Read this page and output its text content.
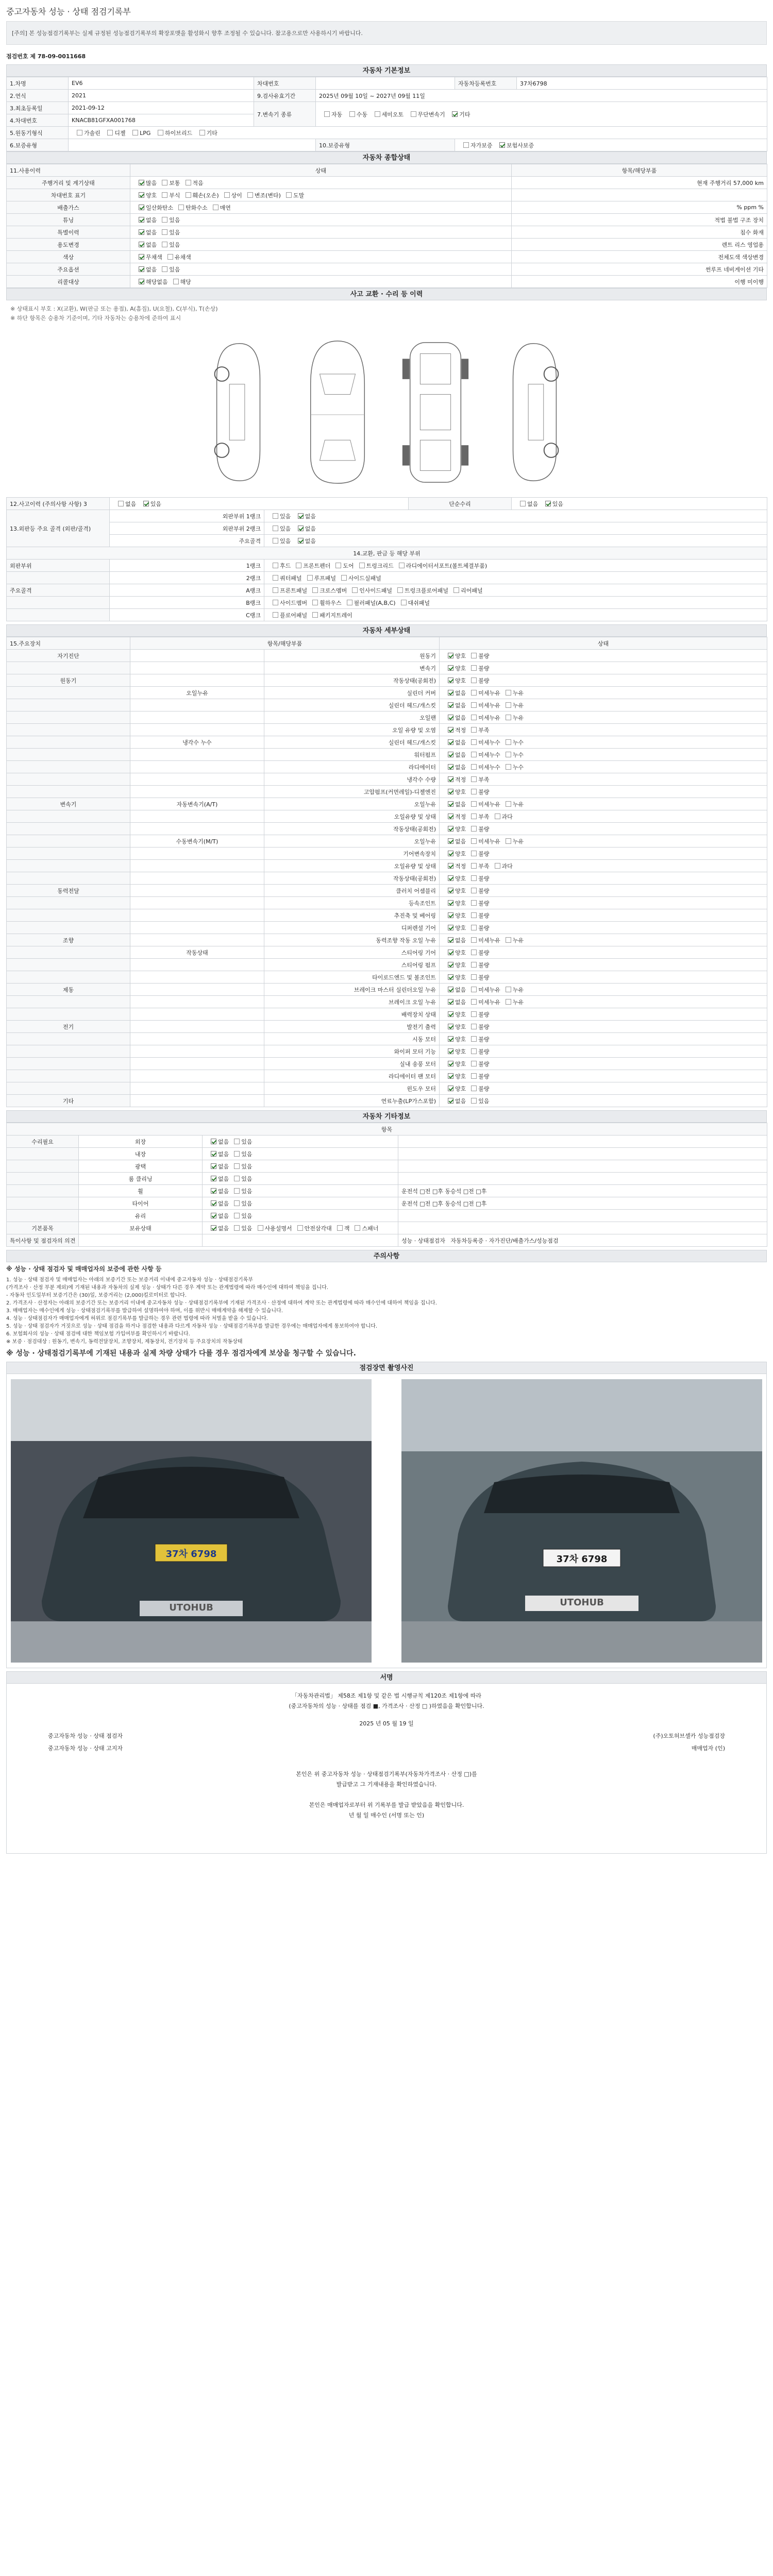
중고자동차 성능 · 상태 점검기록부
[주의] 본 성능점검기록부는 실제 규정된 성능점검기록부의 확장포맷을 활성화시 향후 조정될 수 있습니다. 참고용으로만 사용하시기 바랍니다.
점검번호 제 78-09-0011668
자동차 기본정보
1.차명	EV6	차대번호		자동차등록번호	37차6798
2.연식	2021	9.검사유효기간	2025년 09월 10일 ~ 2027년 09월 11일		
3.최초등록일	2021-09-12	7.변속기 종류	자동 수동 세미오토 무단변속기 기타		
4.차대번호	KNACB81GFXA001768				
5.원동기형식	가솔린 디젤 LPG 하이브리드 기타				
6.보증유형			10.보증유형	자가보증 보험사보증	
자동차 종합상태
11.사용이력	상태	항목/해당부품
주행거리 및 계기상태	많음 보통 적음	현재 주행거리 57,000 km
차대번호 표기	양호 부식 훼손(오손) 상이 변조(변타) 도말	
배출가스	일산화탄소 탄화수소 매연	% ppm %
튜닝	없음 있음	적법 불법 구조 장치
특별이력	없음 있음	침수 화재
용도변경	없음 있음	렌트 리스 영업용
색상	무채색 유채색	전체도색 색상변경
주요옵션	없음 있음	썬루프 네비게이션 기타
리콜대상	해당없음 해당	이행 미이행
사고 교환 · 수리 등 이력
※ 상태표시 부호 : X(교환), W(판금 또는 용접), A(흠집), U(요철), C(부식), T(손상)
※ 하단 항목은 승용차 기준이며, 기타 자동차는 승용차에 준하여 표시
12.사고이력 (주의사항 사항) 3	없음 있음		단순수리	없음 있음
13.외판등 주요 골격 (외판/골격)	외판부위 1랭크	있음 없음		
	외판부위 2랭크	있음 없음		
	주요골격	있음 없음		
14.교환, 판금 등 해당 부위				
외판부위	1랭크	후드 프론트펜더 도어 트렁크리드 라디에이터서포트(볼트체결부품)		
	2랭크	쿼터패널 루프패널 사이드실패널		
주요골격	A랭크	프론트패널 크로스멤버 인사이드패널 트렁크플로어패널 리어패널		
	B랭크	사이드멤버 휠하우스 필러패널(A,B,C) 대쉬패널		
	C랭크	플로어패널 패키지트레이		
자동차 세부상태
15.주요장치	항목/해당부품		상태
자기진단		원동기	양호 불량
		변속기	양호 불량
원동기		작동상태(공회전)	양호 불량
	오일누유	실린더 커버	없음 미세누유 누유
		실린더 헤드/개스킷	없음 미세누유 누유
		오일팬	없음 미세누유 누유
		오일 유량 및 오염	적정 부족
	냉각수 누수	실린더 헤드/개스킷	없음 미세누수 누수
		워터펌프	없음 미세누수 누수
		라디에이터	없음 미세누수 누수
		냉각수 수량	적정 부족
		고압펌프(커먼레일)-디젤엔진	양호 불량
변속기	자동변속기(A/T)	오일누유	없음 미세누유 누유
		오일유량 및 상태	적정 부족 과다
		작동상태(공회전)	양호 불량
	수동변속기(M/T)	오일누유	없음 미세누유 누유
		기어변속장치	양호 불량
		오일유량 및 상태	적정 부족 과다
		작동상태(공회전)	양호 불량
동력전달		클러치 어셈블리	양호 불량
		등속조인트	양호 불량
		추진축 및 베어링	양호 불량
		디퍼렌셜 기어	양호 불량
조향		동력조향 작동 오일 누유	없음 미세누유 누유
	작동상태	스티어링 기어	양호 불량
		스티어링 펌프	양호 불량
		타이로드엔드 및 볼조인트	양호 불량
제동		브레이크 마스터 실린더오일 누유	없음 미세누유 누유
		브레이크 오일 누유	없음 미세누유 누유
		배력장치 상태	양호 불량
전기		발전기 출력	양호 불량
		시동 모터	양호 불량
		와이퍼 모터 기능	양호 불량
		실내 송풍 모터	양호 불량
		라디에이터 팬 모터	양호 불량
		윈도우 모터	양호 불량
기타		연료누출(LP가스포함)	없음 있음
자동차 기타정보
항목			
수리필요	외장	없음 있음	
	내장	없음 있음	
	광택	없음 있음	
	룸 클리닝	없음 있음	
	휠	없음 있음	운전석 □전 □후 동승석 □전 □후
	타이어	없음 있음	운전석 □전 □후 동승석 □전 □후
	유리	없음 있음	
기본품목	보유상태	없음 있음 사용설명서 안전삼각대 잭 스패너	
특이사항 및 점검자의 의견			성능 · 상태점검자 자동차등록증 · 자가진단/배출가스/성능점검
주의사항
※ 성능 · 상태 점검자 및 매매업자의 보증에 관한 사항 등
1. 성능 · 상태 점검자 및 매매업자는 아래의 보증기간 또는 보증거리 이내에 중고자동차 성능 · 상태점검기록부
(가격조사 · 산정 부분 제외)에 기재된 내용과 자동차의 실제 성능 · 상태가 다른 경우 계약 또는 관계법령에 따라 매수인에 대하여 책임을 집니다.
- 자동차 인도일부터 보증기간은 (30)일, 보증거리는 (2,000)킬로미터로 합니다.
2. 가격조사 · 산정자는 아래의 보증기간 또는 보증거리 이내에 중고자동차 성능 · 상태점검기록부에 기재된 가격조사 · 산정에 대하여 계약 또는 관계법령에 따라 매수인에 대하여 책임을 집니다.
3. 매매업자는 매수인에게 성능 · 상태점검기록부를 발급하여 설명하여야 하며, 이를 위반시 매매계약을 해제할 수 있습니다.
4. 성능 · 상태점검자가 매매업자에게 허위로 점검기록부를 발급하는 경우 관련 법령에 따라 처벌을 받을 수 있습니다.
5. 성능 · 상태 점검자가 거짓으로 성능 · 상태 점검을 하거나 점검한 내용과 다르게 자동차 성능 · 상태점검기록부를 발급한 경우에는 매매업자에게 통보하여야 합니다.
6. 보험회사의 성능 · 상태 점검에 대한 책임보험 가입여부를 확인하시기 바랍니다.
※ 보증 · 점검대상 : 원동기, 변속기, 동력전달장치, 조향장치, 제동장치, 전기장치 등 주요장치의 작동상태
※ 성능 · 상태점검기록부에 기재된 내용과 실제 차량 상태가 다를 경우 점검자에게 보상을 청구할 수 있습니다.
점검장면 촬영사진
37차 6798
UTOHUB
37차 6798
UTOHUB
서명
「자동차관리법」 제58조 제1항 및 같은 법 시행규칙 제120조 제1항에 따라
(중고자동차의 성능 · 상태를 점검 ■, 가격조사 · 산정 □ )하였음을 확인합니다.
2025 년 05 월 19 일
중고자동차 성능 · 상태 점검자	(주)오토허브셀카 성능점검장
중고자동차 성능 · 상태 고지자	매매업자 (인)
본인은 위 중고자동차 성능 · 상태점검기록부(자동차가격조사 · 산정 □)를
발급받고 그 기재내용을 확인하였습니다.
본인은 매매업자로부터 위 기록부를 발급 받았음을 확인합니다.
년 월 일 매수인 (서명 또는 인)
